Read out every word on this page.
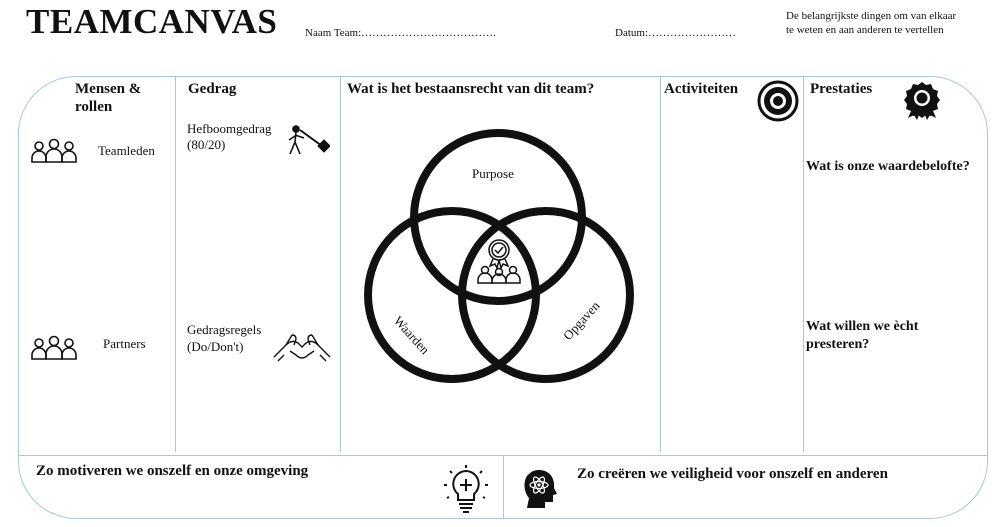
TEAMCANVAS	Naam Team:……………………………….	Datum:……………………
De belangrijkste dingen om van elkaar
te weten en aan anderen te vertellen
Mensen &
rollen
Teamleden
Partners
Gedrag
Hefboomgedrag
(80/20)
Gedragsregels
(Do/Don't)
Wat is het bestaansrecht van dit team?
Purpose
Waarden	Opgaven
Activiteiten	Prestaties
Wat is onze waardebelofte?
Wat willen we ècht
presteren?
Zo motiveren we onszelf en onze omgeving	Zo creëren we veiligheid voor onszelf en anderen
